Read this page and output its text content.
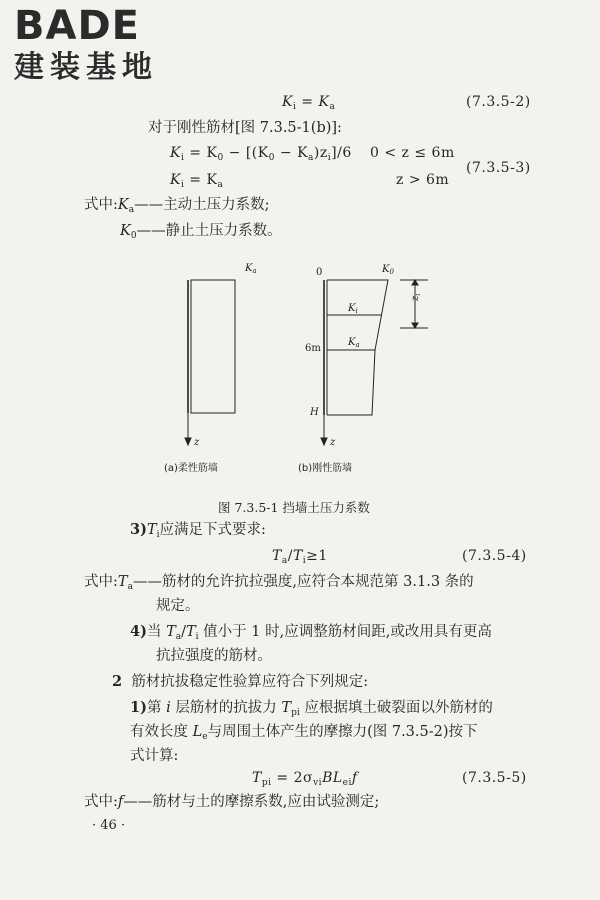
BADE
建装基地
$K_i = K_a$	(7.3.5-2)
对于刚性筋材[图 7.3.5-1(b)]:
$K_i = K_0 - [(K_0 - K_a)z_i]/6$ 0 < z ≤ 6m
(7.3.5-3)
$K_i = K_a$	z > 6m
式中$:K_a——$主动土压力系数;
$K_0——$静止土压力系数。
$K_a$	0	$K_0$
$K_i$
$K_a$
6m
H
z	z
$z_i$
(a)柔性筋墙	(b)刚性筋墙
图 7.3.5-1 挡墙土压力系数
$3)T_i$应满足下式要求:
$T_a/T_i\ge 1$	(7.3.5-4)
式中$:T_a——$筋材的允许抗拉强度,应符合本规范第 3.1.3 条的
规定。
4)当 $T_a/T_i$ 值小于 1 时,应调整筋材间距,或改用具有更高
抗拉强度的筋材。
2 筋材抗拔稳定性验算应符合下列规定:
1)第 i 层筋材的抗拔力 $T_{pi}$ 应根据填土破裂面以外筋材的
有效长度 $L_e$与周围土体产生的摩擦力(图 7.3.5-2)按下
式计算:
$T_{pi} = 2\sigma_{vi}BL_{ei}f$	(7.3.5-5)
式中:f——筋材与土的摩擦系数,应由试验测定;
· 46 ·
